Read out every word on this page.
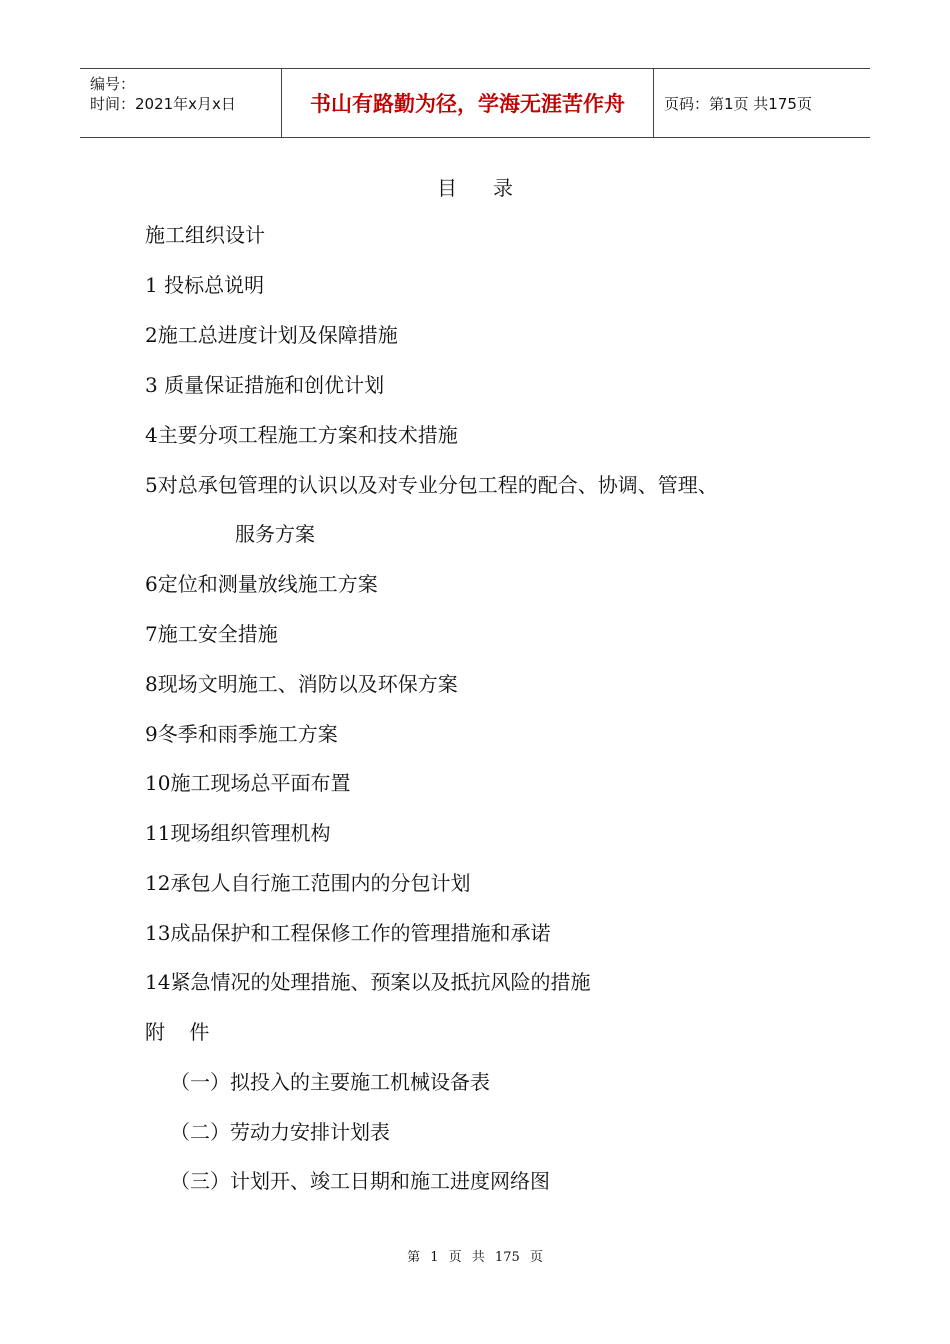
编号：
时间：2021年x月x日	书山有路勤为径，学海无涯苦作舟	页码：第1页 共175页
目录
施工组织设计
1 投标总说明
2施工总进度计划及保障措施
3 质量保证措施和创优计划
4主要分项工程施工方案和技术措施
5对总承包管理的认识以及对专业分包工程的配合、协调、管理、
服务方案
6定位和测量放线施工方案
7施工安全措施
8现场文明施工、消防以及环保方案
9冬季和雨季施工方案
10施工现场总平面布置
11现场组织管理机构
12承包人自行施工范围内的分包计划
13成品保护和工程保修工作的管理措施和承诺
14紧急情况的处理措施、预案以及抵抗风险的措施
附 件
（一）拟投入的主要施工机械设备表
（二）劳动力安排计划表
（三）计划开、竣工日期和施工进度网络图
第 1 页 共 175 页
